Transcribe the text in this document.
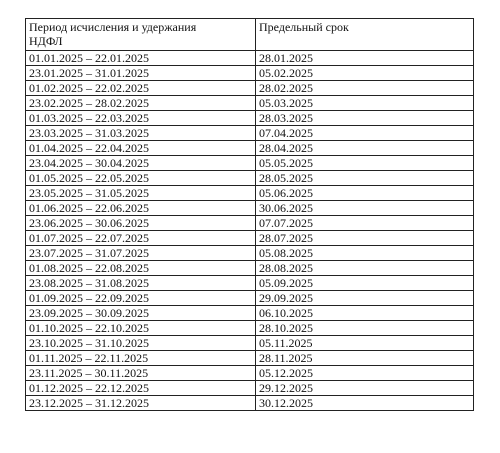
Период исчисления и удержания
НДФЛ	Предельный срок
01.01.2025 – 22.01.2025	28.01.2025
23.01.2025 – 31.01.2025	05.02.2025
01.02.2025 – 22.02.2025	28.02.2025
23.02.2025 – 28.02.2025	05.03.2025
01.03.2025 – 22.03.2025	28.03.2025
23.03.2025 – 31.03.2025	07.04.2025
01.04.2025 – 22.04.2025	28.04.2025
23.04.2025 – 30.04.2025	05.05.2025
01.05.2025 – 22.05.2025	28.05.2025
23.05.2025 – 31.05.2025	05.06.2025
01.06.2025 – 22.06.2025	30.06.2025
23.06.2025 – 30.06.2025	07.07.2025
01.07.2025 – 22.07.2025	28.07.2025
23.07.2025 – 31.07.2025	05.08.2025
01.08.2025 – 22.08.2025	28.08.2025
23.08.2025 – 31.08.2025	05.09.2025
01.09.2025 – 22.09.2025	29.09.2025
23.09.2025 – 30.09.2025	06.10.2025
01.10.2025 – 22.10.2025	28.10.2025
23.10.2025 – 31.10.2025	05.11.2025
01.11.2025 – 22.11.2025	28.11.2025
23.11.2025 – 30.11.2025	05.12.2025
01.12.2025 – 22.12.2025	29.12.2025
23.12.2025 – 31.12.2025	30.12.2025
